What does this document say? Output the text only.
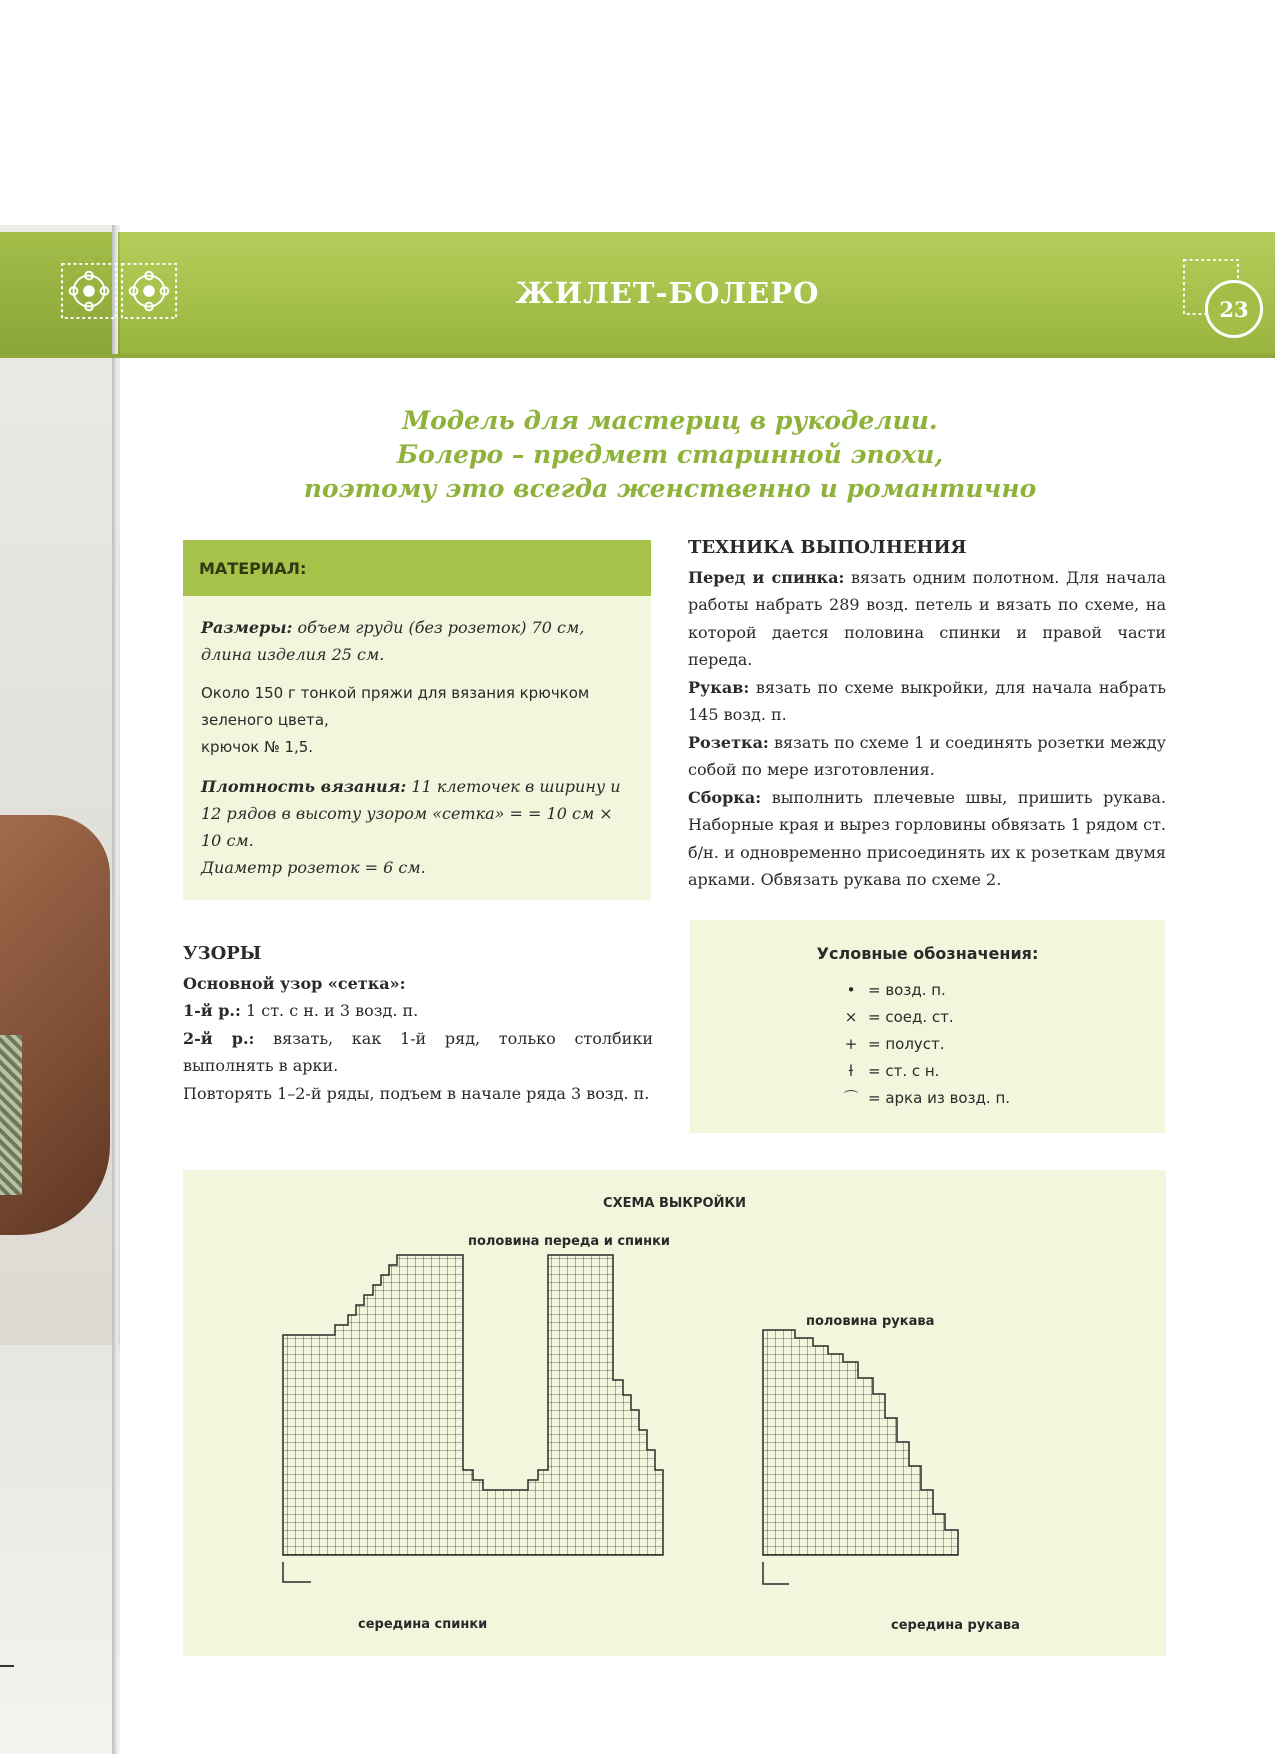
ЖИЛЕТ-БОЛЕРО	23
Модель для мастериц в рукоделии.
Болеро – предмет старинной эпохи,
поэтому это всегда женственно и романтично
МАТЕРИАЛ:

Размеры: объем груди (без розеток) 70 см, длина изделия 25 см.

Около 150 г тонкой пряжи для вязания крючком зеленого цвета,
крючок № 1,5.

Плотность вязания: 11 клеточек в ширину и 12 рядов в высоту узором «сетка» = = 10 см × 10 см.
Диаметр розеток = 6 см.

ТЕХНИКА ВЫПОЛНЕНИЯ

Перед и спинка: вязать одним полотном. Для начала работы набрать 289 возд. петель и вязать по схеме, на которой дается половина спинки и правой части переда.

Рукав: вязать по схеме выкройки, для начала набрать 145 возд. п.

Розетка: вязать по схеме 1 и соединять розетки между собой по мере изготовления.

Сборка: выполнить плечевые швы, пришить рукава. Наборные края и вырез горловины обвязать 1 рядом ст. б/н. и одновременно присоединять их к розеткам двумя арками. Обвязать рукава по схеме 2.

УЗОРЫ

Основной узор «сетка»:

1-й р.: 1 ст. с н. и 3 возд. п.

2-й р.: вязать, как 1-й ряд, только столбики выполнять в арки.

Повторять 1–2-й ряды, подъем в начале ряда 3 возд. п.

Условные обозначения:
• = возд. п.
× = соед. ст.
+ = полуст.
ƚ = ст. с н.
⌒ = арка из возд. п.
СХЕМА ВЫКРОЙКИ
половина переда и спинки
половина рукава
середина спинки	середина рукава
